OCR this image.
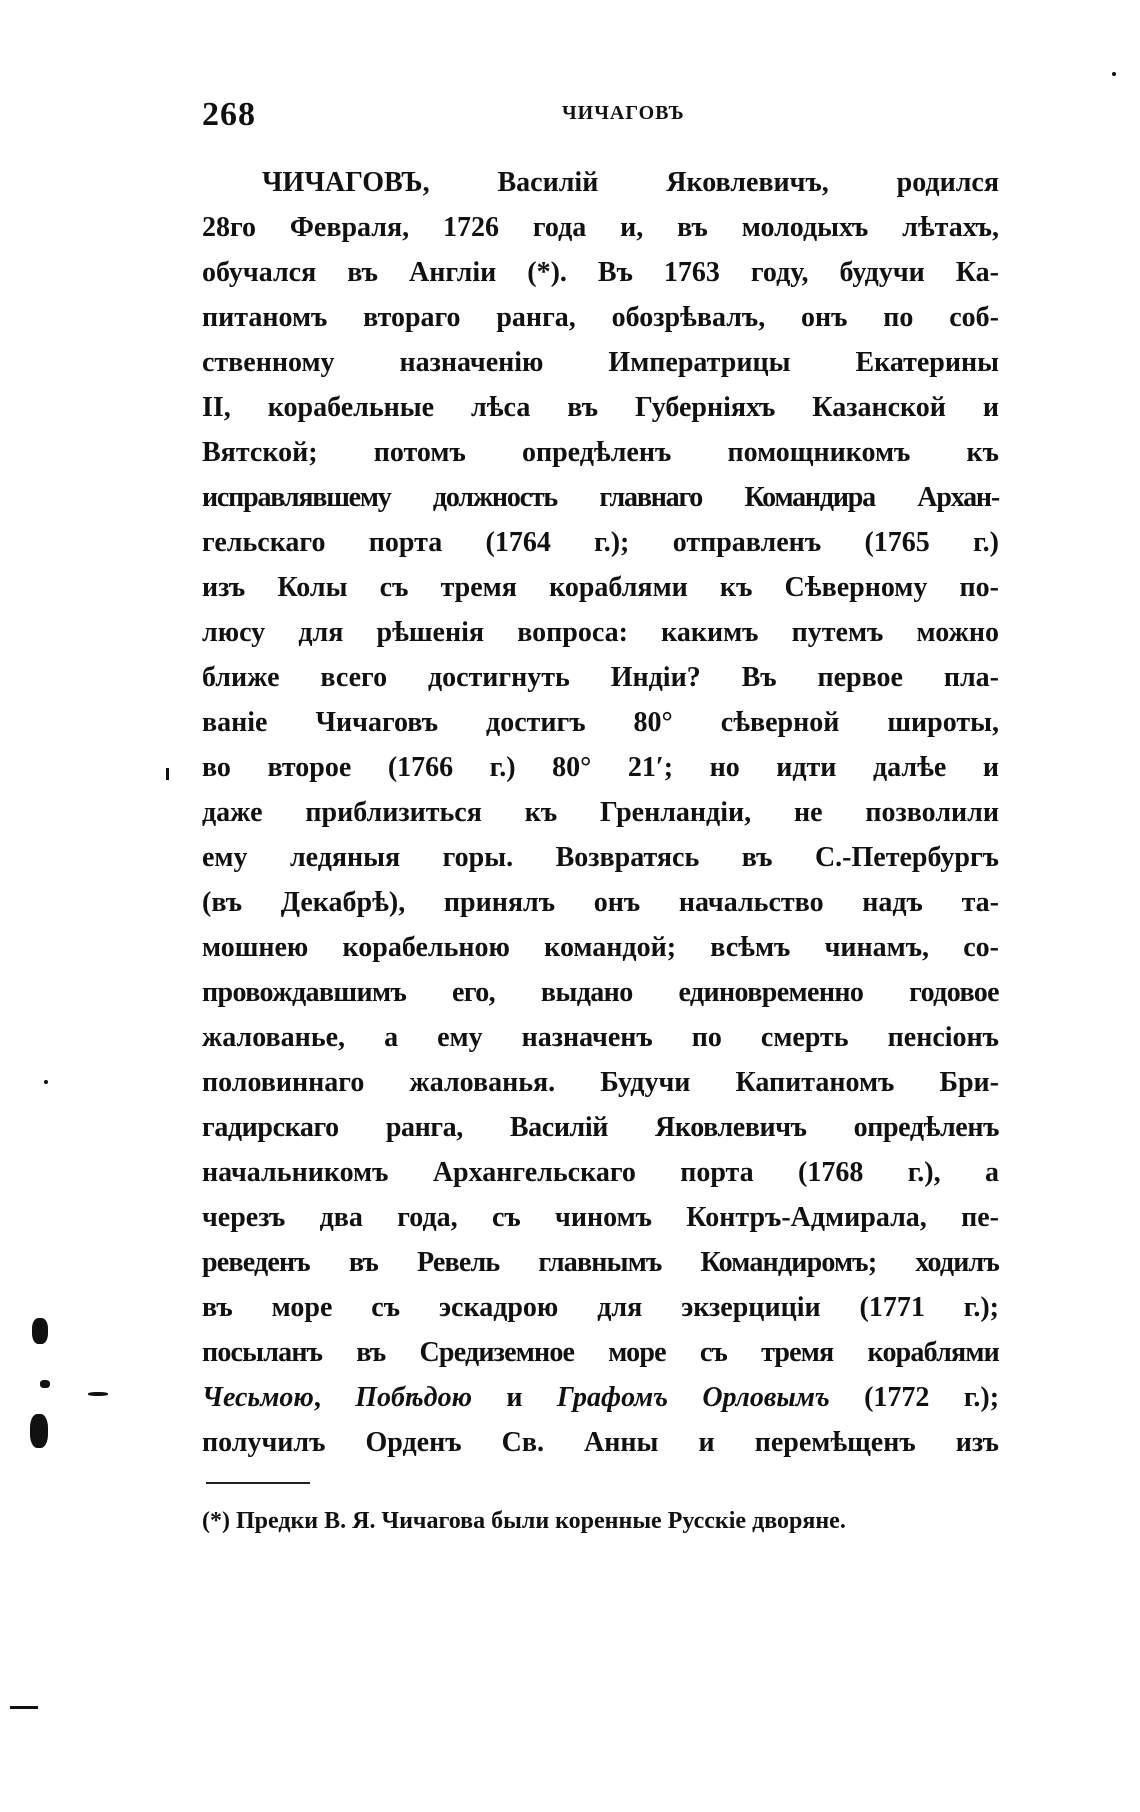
268	ЧИЧАГОВЪ
ЧИЧАГОВЪ, Василій Яковлевичъ, родился
28го Февраля, 1726 года и, въ молодыхъ лѣтахъ,
обучался въ Англіи (*). Въ 1763 году, будучи Ка-
питаномъ втораго ранга, обозрѣвалъ, онъ по соб-
ственному назначенію Императрицы Екатерины
II, корабельные лѣса въ Губерніяхъ Казанской и
Вятской; потомъ опредѣленъ помощникомъ къ
исправлявшему должность главнаго Командира Архан-
гельскаго порта (1764 г.); отправленъ (1765 г.)
изъ Колы съ тремя кораблями къ Сѣверному по-
люсу для рѣшенія вопроса: какимъ путемъ можно
ближе всего достигнуть Индіи? Въ первое пла-
ваніе Чичаговъ достигъ 80° сѣверной широты,
во второе (1766 г.) 80° 21′; но идти далѣе и
даже приблизиться къ Гренландіи, не позволили
ему ледяныя горы. Возвратясь въ С.-Петербургъ
(въ Декабрѣ), принялъ онъ начальство надъ та-
мошнею корабельною командой; всѣмъ чинамъ, со-
провождавшимъ его, выдано единовременно годовое
жалованье, а ему назначенъ по смерть пенсіонъ
половиннаго жалованья. Будучи Капитаномъ Бри-
гадирскаго ранга, Василій Яковлевичъ опредѣленъ
начальникомъ Архангельскаго порта (1768 г.), а
черезъ два года, съ чиномъ Контръ-Адмирала, пе-
реведенъ въ Ревель главнымъ Командиромъ; ходилъ
въ море съ эскадрою для экзерциціи (1771 г.);
посыланъ въ Средиземное море съ тремя кораблями
Чесьмою, Побѣдою и Графомъ Орловымъ (1772 г.);
получилъ Орденъ Св. Анны и перемѣщенъ изъ
(*) Предки В. Я. Чичагова были коренные Русскіе дворяне.
